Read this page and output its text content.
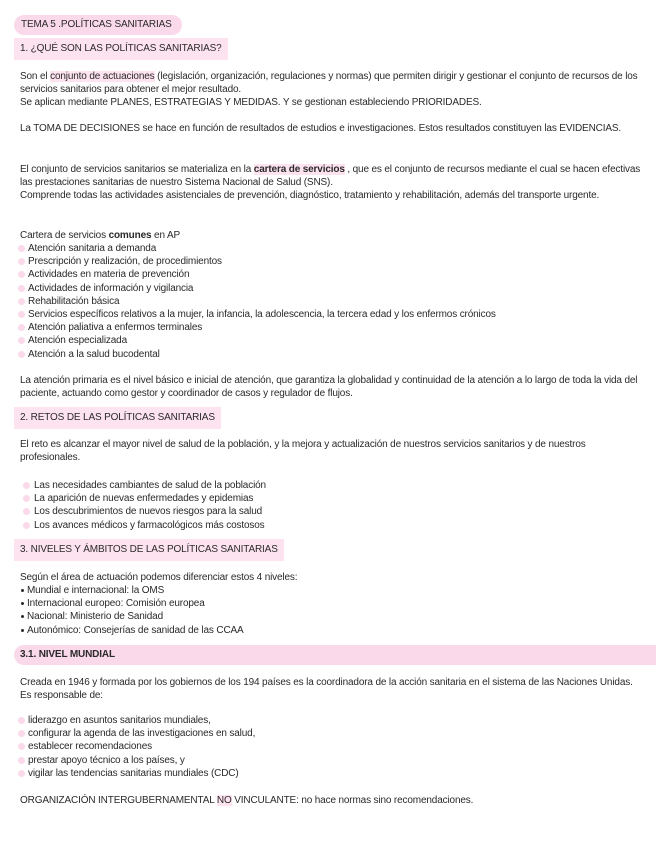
TEMA 5 .POLÍTICAS SANITARIAS
1. ¿QUÉ SON LAS POLÍTICAS SANITARIAS?

Son el conjunto de actuaciones (legislación, organización, regulaciones y normas) que permiten dirigir y gestionar el conjunto de recursos de los servicios sanitarios para obtener el mejor resultado.

Se aplican mediante PLANES, ESTRATEGIAS Y MEDIDAS. Y se gestionan estableciendo PRIORIDADES.

La TOMA DE DECISIONES se hace en función de resultados de estudios e investigaciones. Estos resultados constituyen las EVIDENCIAS.

El conjunto de servicios sanitarios se materializa en la cartera de servicios , que es el conjunto de recursos mediante el cual se hacen efectivas las prestaciones sanitarias de nuestro Sistema Nacional de Salud (SNS).

Comprende todas las actividades asistenciales de prevención, diagnóstico, tratamiento y rehabilitación, además del transporte urgente.

Cartera de servicios comunes en AP

Atención sanitaria a demanda
Prescripción y realización, de procedimientos
Actividades en materia de prevención
Actividades de información y vigilancia
Rehabilitación básica
Servicios específicos relativos a la mujer, la infancia, la adolescencia, la tercera edad y los enfermos crónicos
Atención paliativa a enfermos terminales
Atención especializada
Atención a la salud bucodental

La atención primaria es el nivel básico e inicial de atención, que garantiza la globalidad y continuidad de la atención a lo largo de toda la vida del paciente, actuando como gestor y coordinador de casos y regulador de flujos.

2. RETOS DE LAS POLÍTICAS SANITARIAS

El reto es alcanzar el mayor nivel de salud de la población, y la mejora y actualización de nuestros servicios sanitarios y de nuestros profesionales.

Las necesidades cambiantes de salud de la población
La aparición de nuevas enfermedades y epidemias
Los descubrimientos de nuevos riesgos para la salud
Los avances médicos y farmacológicos más costosos
3. NIVELES Y ÁMBITOS DE LAS POLÍTICAS SANITARIAS

Según el área de actuación podemos diferenciar estos 4 niveles:

Mundial e internacional: la OMS
Internacional europeo: Comisión europea
Nacional: Ministerio de Sanidad
Autonómico: Consejerías de sanidad de las CCAA
3.1. NIVEL MUNDIAL

Creada en 1946 y formada por los gobiernos de los 194 países es la coordinadora de la acción sanitaria en el sistema de las Naciones Unidas. Es responsable de:

liderazgo en asuntos sanitarios mundiales,
configurar la agenda de las investigaciones en salud,
establecer recomendaciones
prestar apoyo técnico a los países, y
vigilar las tendencias sanitarias mundiales (CDC)

ORGANIZACIÓN INTERGUBERNAMENTAL NO VINCULANTE: no hace normas sino recomendaciones.
